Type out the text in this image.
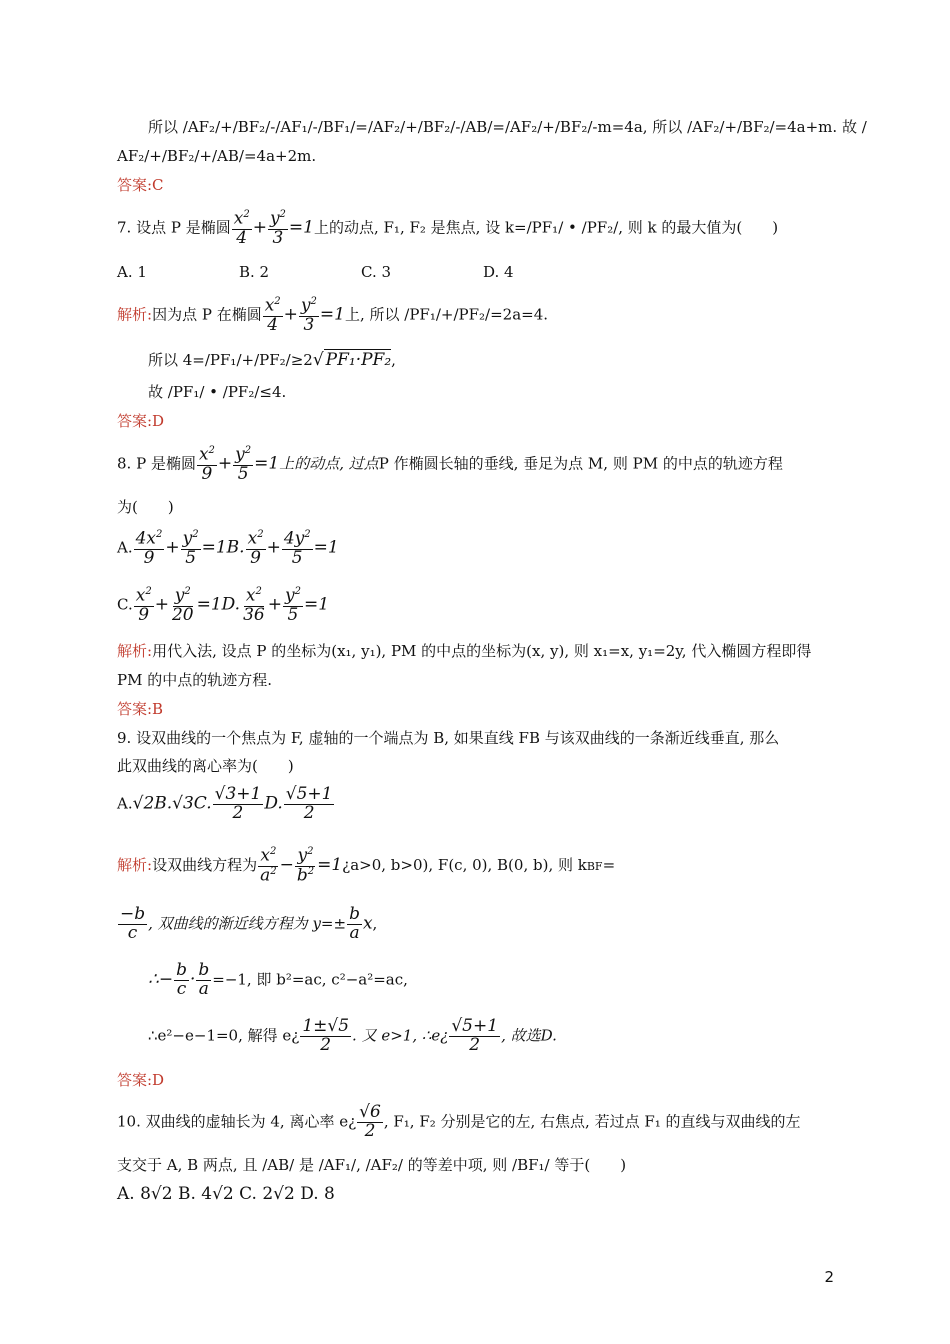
所以 /AF₂/+/BF₂/-/AF₁/-/BF₁/=/AF₂/+/BF₂/-/AB/=/AF₂/+/BF₂/-m=4a, 所以 /AF₂/+/BF₂/=4a+m. 故 /
AF₂/+/BF₂/+/AB/=4a+2m.
答案:C
7. 设点 P 是椭圆 $\frac{x^2}{4} + \frac{y^2}{3} =1$上的动点, F₁, F₂ 是焦点, 设 k=/PF₁/ • /PF₂/, 则 k 的最大值为(　　)
A. 1	B. 2	C. 3	D. 4
解析:因为点 P 在椭圆 $\frac{x^2}{4} + \frac{y^2}{3} =1$上, 所以 /PF₁/+/PF₂/=2a=4.
所以 4=/PF₁/+/PF₂/≥2√ PF₁·PF₂,
故 /PF₁/ • /PF₂/≤4.
答案:D
8. P 是椭圆 $\frac{x^2}{9} + \frac{y^2}{5} =1$上的动点, 过点P 作椭圆长轴的垂线, 垂足为点 M, 则 PM 的中点的轨迹方程
为(　　)
A. $\frac{4x^2}{9} + \frac{y^2}{5} =1B$. $\frac{x^2}{9} + \frac{4y^2}{5} =1$
C. $\frac{x^2}{9} + \frac{y^2}{20} =1D$. $\frac{x^2}{36} + \frac{y^2}{5} =1$
解析:用代入法, 设点 P 的坐标为(x₁, y₁), PM 的中点的坐标为(x, y), 则 x₁=x, y₁=2y, 代入椭圆方程即得
PM 的中点的轨迹方程.
答案:B
9. 设双曲线的一个焦点为 F, 虚轴的一个端点为 B, 如果直线 FB 与该双曲线的一条渐近线垂直, 那么
此双曲线的离心率为(　　)
A.√2B.√3C. $\frac{√3+1}{2} D$. $\frac{√5+1}{2}$
解析:设双曲线方程为 $\frac{x^2}{a^2} - \frac{y^2}{b^2}$ =1¿a>0, b>0), F(c, 0), B(0, b), 则 kBF=
$\frac{-b}{c}$ , 双曲线的渐近线方程为 $y=\pm \frac{b}{a} x$,
∴− $\frac{b}{c} \cdot \frac{b}{a} =-1$, 即 b²=ac, c²−a²=ac,
∴e²−e−1=0, 解得 e¿ $\frac{1\pm√5}{2}$ . 又 e>1, ∴e¿ $\frac{√5+1}{2}$ , 故选D.
答案:D
10. 双曲线的虚轴长为 4, 离心率 e¿ $\frac{√6}{2}$ , F₁, F₂ 分别是它的左, 右焦点, 若过点 F₁ 的直线与双曲线的左
支交于 A, B 两点, 且 /AB/ 是 /AF₁/, /AF₂/ 的等差中项, 则 /BF₁/ 等于(　　)
A. 8√2 B. 4√2 C. 2√2 D. 8
2
